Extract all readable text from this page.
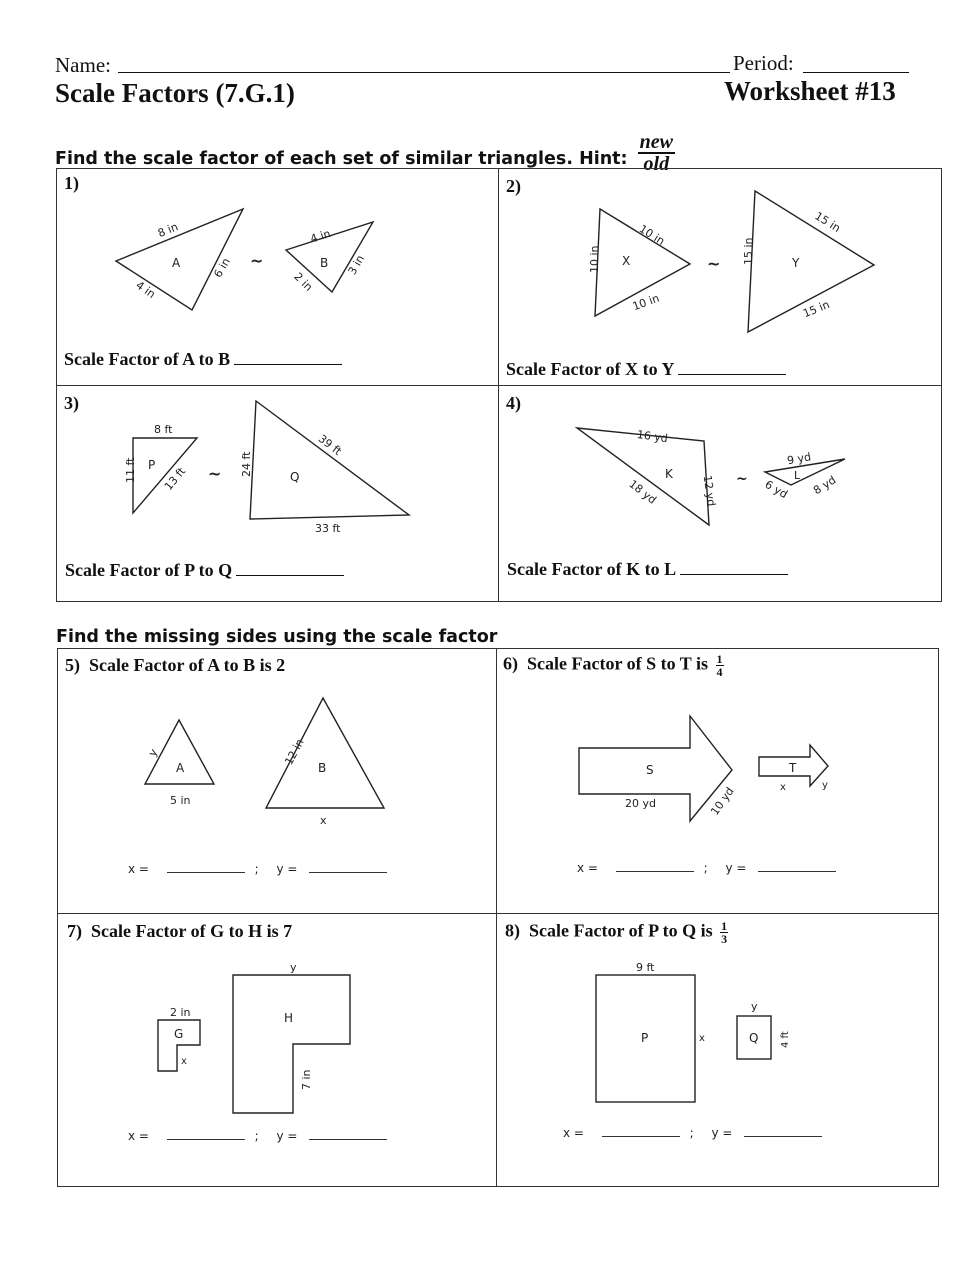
Name:	Period:
Scale Factors (7.G.1)	Worksheet #13
Find the scale factor of each set of similar triangles. Hint: $\frac{\text{new}}{\text{old}}$
1)
A
8 in
6 in
4 in
~	B
4 in
3 in
2 in
Scale Factor of A to B
2)
X
10 in
10 in
10 in
~	Y
15 in
15 in
15 in
Scale Factor of X to Y
3)
P
8 ft
11 ft 13 ft ~	Q
24 ft
39 ft
33 ft
Scale Factor of P to Q
4)
K
16 yd
18 yd	12 yd ~	L
9 yd
6 yd 8 yd
Scale Factor of K to L
Find the missing sides using the scale factor
5) Scale Factor of A to B is 2
y
A
5 in
12 in
B
x
x =	; y =
6) Scale Factor of S to T is $\frac{1}{4}$
S
20 yd	10 yd
T
x	y
x =	; y =
7) Scale Factor of G to H is 7
2 in
G
x
y
H
7 in
x =	; y =
8) Scale Factor of P to Q is $\frac{1}{3}$
9 ft
P	x
y
Q 4 ft
x =	; y =
